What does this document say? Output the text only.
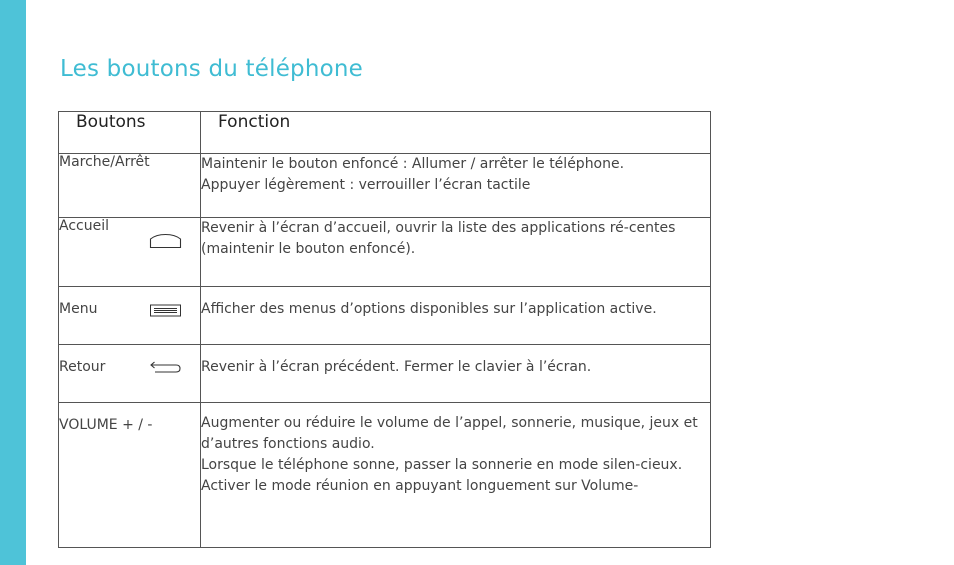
Les boutons du téléphone
Boutons	Fonction
Marche/Arrêt	Maintenir le bouton enfoncé : Allumer / arrêter le téléphone.

Appuyer légèrement : verrouiller l’écran tactile

Accueil	Revenir à l’écran d’accueil, ouvrir la liste des applications ré-centes (maintenir le bouton enfoncé).

Menu	Afficher des menus d’options disponibles sur l’application active.

Retour	Revenir à l’écran précédent. Fermer le clavier à l’écran.

VOLUME + / -	Augmenter ou réduire le volume de l’appel, sonnerie, musique, jeux et d’autres fonctions audio.

Lorsque le téléphone sonne, passer la sonnerie en mode silen-cieux. Activer le mode réunion en appuyant longuement sur Volume-
